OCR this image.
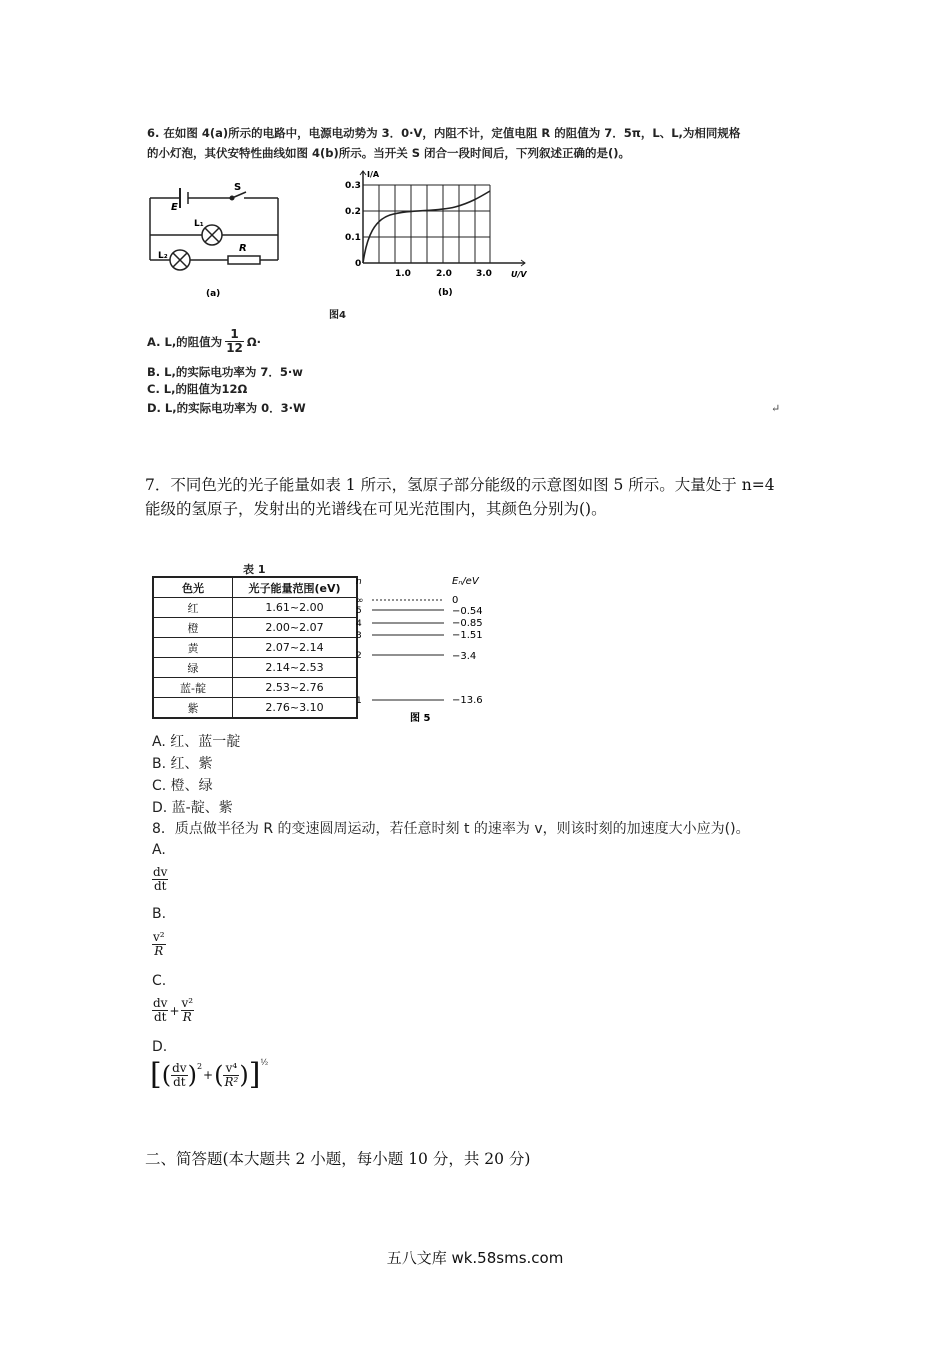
6. 在如图 4(a)所示的电路中，电源电动势为 3．0·V，内阻不计，定值电阻 R 的阻值为 7．5π，L、L,为相同规格
的小灯泡，其伏安特性曲线如图 4(b)所示。当开关 S 闭合一段时间后，下列叙述正确的是()。
E
S
L₁
L₂
R
(a)
I/A
U/V
0
0.3
0.2
0.1
1.0	2.0	3.0
(b)
图4
A. L,的阻值为 $\frac{1}{12} \Omega\cdot$
B. L,的实际电功率为 7．5·w
C. L,的阻值为12Ω
D. L,的实际电功率为 0．3·W	↵
7．不同色光的光子能量如表 1 所示，氢原子部分能级的示意图如图 5 所示。大量处于 n=4
能级的氢原子，发射出的光谱线在可见光范围内，其颜色分别为()。
表 1
色光	光子能量范围(eV)
红	1.61~2.00
橙	2.00~2.07
黄	2.07~2.14
绿	2.14~2.53
蓝-靛	2.53~2.76
紫	2.76~3.10
n	Eₙ/eV
∞
5
4
3
2
1
0
−0.54
−0.85
−1.51
−3.4
−13.6
图 5
A. 红、蓝一靛
B. 红、紫
C. 橙、绿
D. 蓝-靛、紫
8．质点做半径为 R 的变速圆周运动，若任意时刻 t 的速率为 v，则该时刻的加速度大小应为()。
A.
$\frac{dv}{dt}$
B.
$\frac{\text{v²}}{R}$
C.
$\frac{dv}{dt} + \frac{\text{v²}}{R}$
D.
[ ( $\frac{dv}{dt}$ ) 2
+ ( $\frac{\text{v⁴}}{\text{R²}}$ ) ] ½
二、简答题(本大题共 2 小题，每小题 10 分，共 20 分)
五八文库 wk.58sms.com
